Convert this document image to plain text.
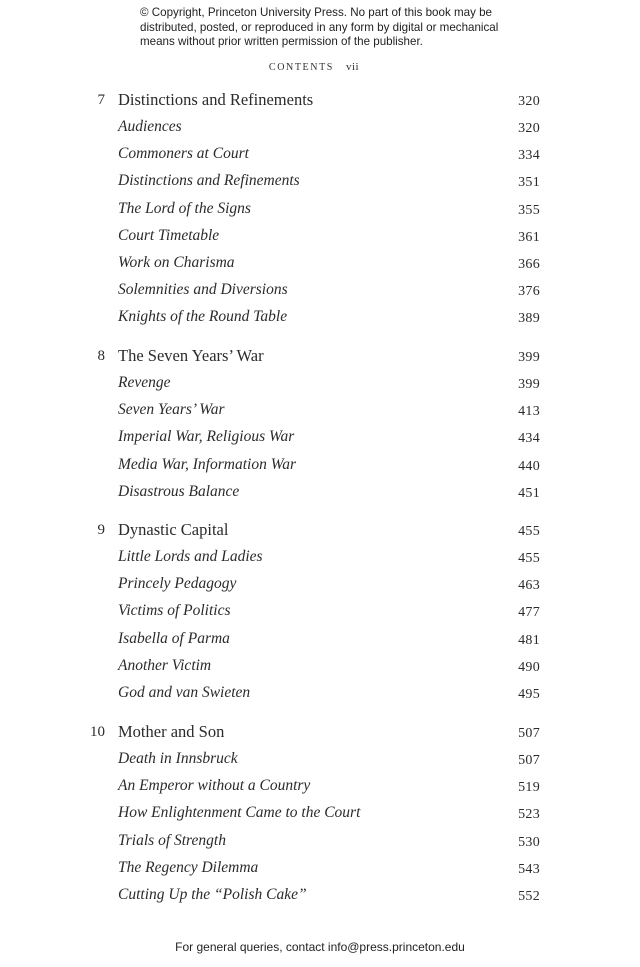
© Copyright, Princeton University Press. No part of this book may be
distributed, posted, or reproduced in any form by digital or mechanical
means without prior written permission of the publisher.
CONTENTS vii
7 Distinctions and Refinements	320
Audiences	320
Commoners at Court	334
Distinctions and Refinements	351
The Lord of the Signs	355
Court Timetable	361
Work on Charisma	366
Solemnities and Diversions	376
Knights of the Round Table	389
8 The Seven Years’ War	399
Revenge	399
Seven Years’ War	413
Imperial War, Religious War	434
Media War, Information War	440
Disastrous Balance	451
9 Dynastic Capital	455
Little Lords and Ladies	455
Princely Pedagogy	463
Victims of Politics	477
Isabella of Parma	481
Another Victim	490
God and van Swieten	495
10 Mother and Son	507
Death in Innsbruck	507
An Emperor without a Country	519
How Enlightenment Came to the Court	523
Trials of Strength	530
The Regency Dilemma	543
Cutting Up the “Polish Cake”	552
For general queries, contact info@press.princeton.edu
